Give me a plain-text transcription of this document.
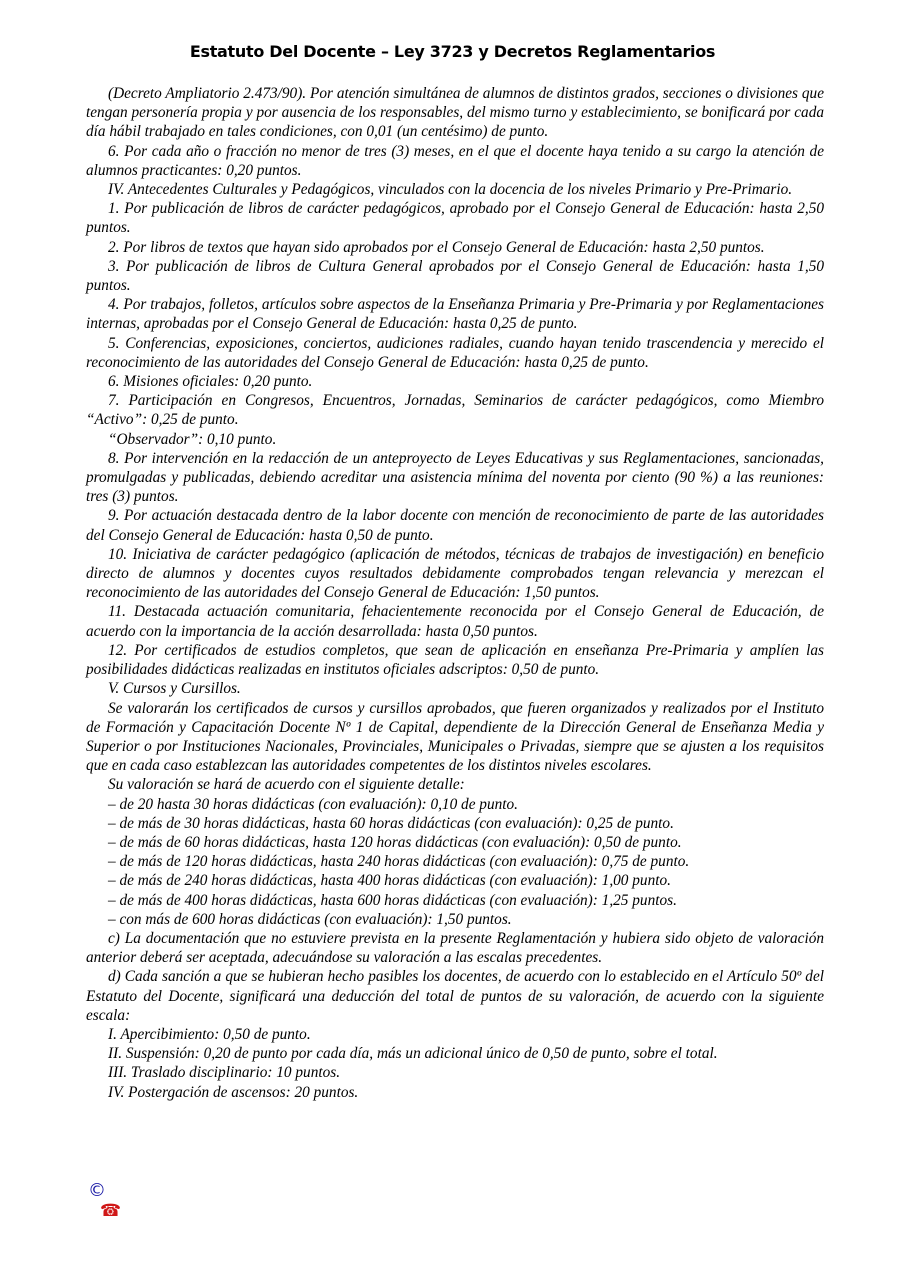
Estatuto Del Docente – Ley 3723 y Decretos Reglamentarios

(Decreto Ampliatorio 2.473/90). Por atención simultánea de alumnos de distintos grados, secciones o divisiones que tengan personería propia y por ausencia de los responsables, del mismo turno y establecimiento, se bonificará por cada día hábil trabajado en tales condiciones, con 0,01 (un centésimo) de punto.

6. Por cada año o fracción no menor de tres (3) meses, en el que el docente haya tenido a su cargo la atención de alumnos practicantes: 0,20 puntos.

IV. Antecedentes Culturales y Pedagógicos, vinculados con la docencia de los niveles Primario y Pre-Primario.

1. Por publicación de libros de carácter pedagógicos, aprobado por el Consejo General de Educación: hasta 2,50 puntos.

2. Por libros de textos que hayan sido aprobados por el Consejo General de Educación: hasta 2,50 puntos.

3. Por publicación de libros de Cultura General aprobados por el Consejo General de Educación: hasta 1,50 puntos.

4. Por trabajos, folletos, artículos sobre aspectos de la Enseñanza Primaria y Pre-Primaria y por Reglamentaciones internas, aprobadas por el Consejo General de Educación: hasta 0,25 de punto.

5. Conferencias, exposiciones, conciertos, audiciones radiales, cuando hayan tenido trascendencia y merecido el reconocimiento de las autoridades del Consejo General de Educación: hasta 0,25 de punto.

6. Misiones oficiales: 0,20 punto.

7. Participación en Congresos, Encuentros, Jornadas, Seminarios de carácter pedagógicos, como Miembro “Activo”: 0,25 de punto.

“Observador”: 0,10 punto.

8. Por intervención en la redacción de un anteproyecto de Leyes Educativas y sus Reglamentaciones, sancionadas, promulgadas y publicadas, debiendo acreditar una asistencia mínima del noventa por ciento (90 %) a las reuniones: tres (3) puntos.

9. Por actuación destacada dentro de la labor docente con mención de reconocimiento de parte de las autoridades del Consejo General de Educación: hasta 0,50 de punto.

10. Iniciativa de carácter pedagógico (aplicación de métodos, técnicas de trabajos de investigación) en beneficio directo de alumnos y docentes cuyos resultados debidamente comprobados tengan relevancia y merezcan el reconocimiento de las autoridades del Consejo General de Educación: 1,50 puntos.

11. Destacada actuación comunitaria, fehacientemente reconocida por el Consejo General de Educación, de acuerdo con la importancia de la acción desarrollada: hasta 0,50 puntos.

12. Por certificados de estudios completos, que sean de aplicación en enseñanza Pre-Primaria y amplíen las posibilidades didácticas realizadas en institutos oficiales adscriptos: 0,50 de punto.

V. Cursos y Cursillos.

Se valorarán los certificados de cursos y cursillos aprobados, que fueren organizados y realizados por el Instituto de Formación y Capacitación Docente Nº 1 de Capital, dependiente de la Dirección General de Enseñanza Media y Superior o por Instituciones Nacionales, Provinciales, Municipales o Privadas, siempre que se ajusten a los requisitos que en cada caso establezcan las autoridades competentes de los distintos niveles escolares.

Su valoración se hará de acuerdo con el siguiente detalle:

– de 20 hasta 30 horas didácticas (con evaluación): 0,10 de punto.

– de más de 30 horas didácticas, hasta 60 horas didácticas (con evaluación): 0,25 de punto.

– de más de 60 horas didácticas, hasta 120 horas didácticas (con evaluación): 0,50 de punto.

– de más de 120 horas didácticas, hasta 240 horas didácticas (con evaluación): 0,75 de punto.

– de más de 240 horas didácticas, hasta 400 horas didácticas (con evaluación): 1,00 punto.

– de más de 400 horas didácticas, hasta 600 horas didácticas (con evaluación): 1,25 puntos.

– con más de 600 horas didácticas (con evaluación): 1,50 puntos.

c) La documentación que no estuviere prevista en la presente Reglamentación y hubiera sido objeto de valoración anterior deberá ser aceptada, adecuándose su valoración a las escalas precedentes.

d) Cada sanción a que se hubieran hecho pasibles los docentes, de acuerdo con lo establecido en el Artículo 50º del Estatuto del Docente, significará una deducción del total de puntos de su valoración, de acuerdo con la siguiente escala:

I. Apercibimiento: 0,50 de punto.

II. Suspensión: 0,20 de punto por cada día, más un adicional único de 0,50 de punto, sobre el total.

III. Traslado disciplinario: 10 puntos.

IV. Postergación de ascensos: 20 puntos.

©
☎
